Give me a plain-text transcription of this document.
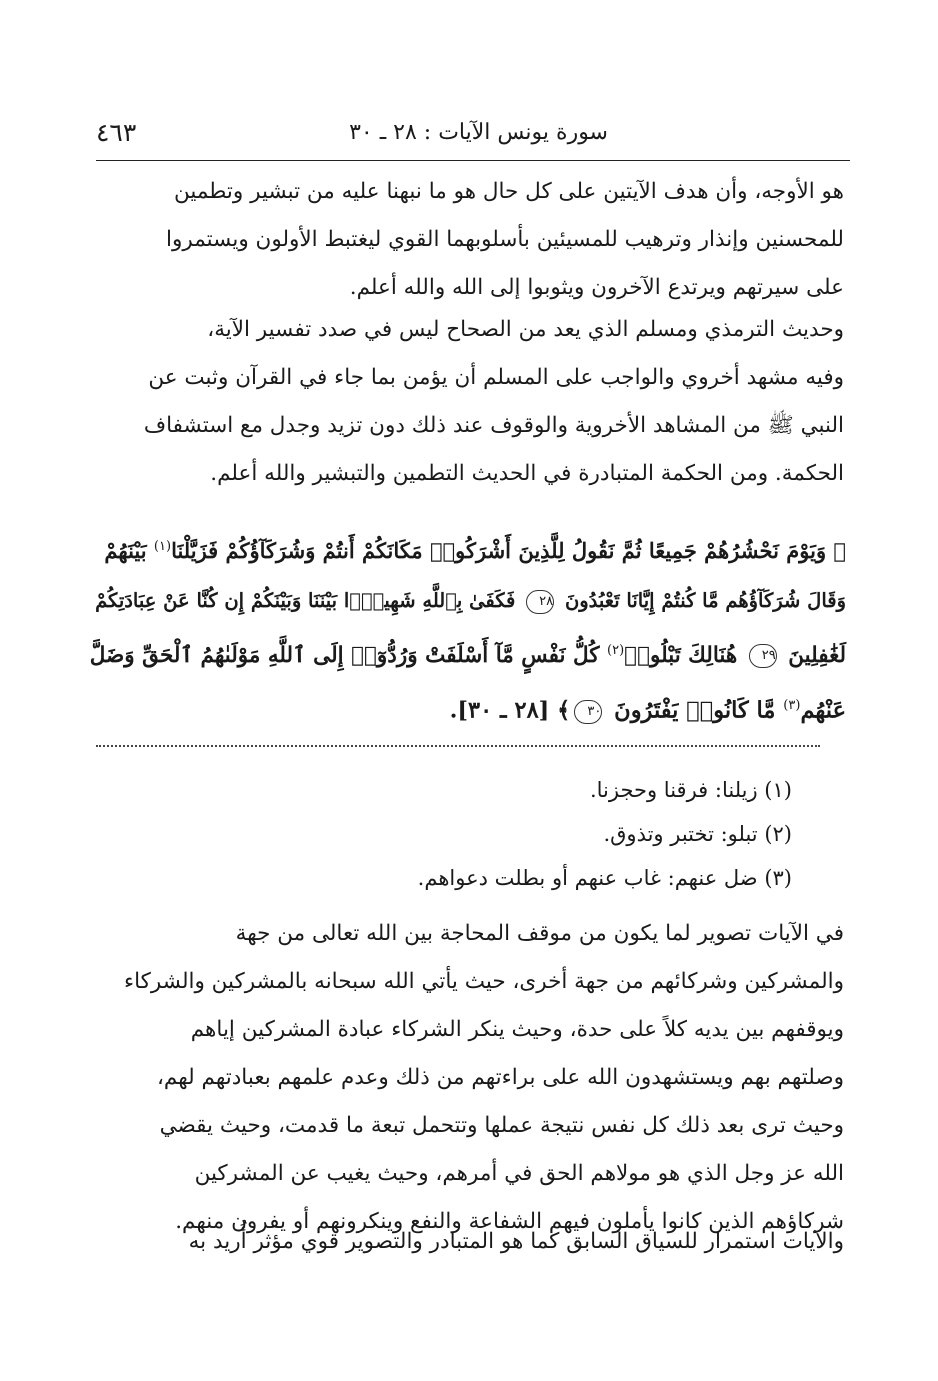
سورة يونس الآيات : ٢٨ ـ ٣٠
٤٦٣
هو الأوجه، وأن هدف الآيتين على كل حال هو ما نبهنا عليه من تبشير وتطمين
للمحسنين وإنذار وترهيب للمسيئين بأسلوبهما القوي ليغتبط الأولون ويستمروا
على سيرتهم ويرتدع الآخرون ويثوبوا إلى الله والله أعلم.
وحديث الترمذي ومسلم الذي يعد من الصحاح ليس في صدد تفسير الآية،
وفيه مشهد أخروي والواجب على المسلم أن يؤمن بما جاء في القرآن وثبت عن
النبي ﷺ من المشاهد الأخروية والوقوف عند ذلك دون تزيد وجدل مع استشفاف
الحكمة. ومن الحكمة المتبادرة في الحديث التطمين والتبشير والله أعلم.
﴿ وَيَوْمَ نَحْشُرُهُمْ جَمِيعًا ثُمَّ نَقُولُ لِلَّذِينَ أَشْرَكُوا۟ مَكَانَكُمْ أَنتُمْ وَشُرَكَآؤُكُمْ فَزَيَّلْنَا$^{(١)}$ بَيْنَهُمْ
وَقَالَ شُرَكَآؤُهُم مَّا كُنتُمْ إِيَّانَا تَعْبُدُونَ ٢٨ فَكَفَىٰ بِٱللَّهِ شَهِيدًۢا بَيْنَنَا وَبَيْنَكُمْ إِن كُنَّا عَنْ عِبَادَتِكُمْ
لَغَٰفِلِينَ ٢٩ هُنَالِكَ تَبْلُوا۟$^{(٢)}$ كُلُّ نَفْسٍ مَّآ أَسْلَفَتْ وَرُدُّوٓا۟ إِلَى ٱللَّهِ مَوْلَىٰهُمُ ٱلْحَقِّ وَضَلَّ
عَنْهُم$^{(٣)}$ مَّا كَانُوا۟ يَفْتَرُونَ ٣٠﴾ [٢٨ ـ ٣٠].
(١) زيلنا: فرقنا وحجزنا.
(٢) تبلو: تختبر وتذوق.
(٣) ضل عنهم: غاب عنهم أو بطلت دعواهم.
في الآيات تصوير لما يكون من موقف المحاجة بين الله تعالى من جهة
والمشركين وشركائهم من جهة أخرى، حيث يأتي الله سبحانه بالمشركين والشركاء
ويوقفهم بين يديه كلاً على حدة، وحيث ينكر الشركاء عبادة المشركين إياهم
وصلتهم بهم ويستشهدون الله على براءتهم من ذلك وعدم علمهم بعبادتهم لهم،
وحيث ترى بعد ذلك كل نفس نتيجة عملها وتتحمل تبعة ما قدمت، وحيث يقضي
الله عز وجل الذي هو مولاهم الحق في أمرهم، وحيث يغيب عن المشركين
شركاؤهم الذين كانوا يأملون فيهم الشفاعة والنفع وينكرونهم أو يفرون منهم.
والآيات استمرار للسياق السابق كما هو المتبادر والتصوير قوي مؤثر أُريد به
